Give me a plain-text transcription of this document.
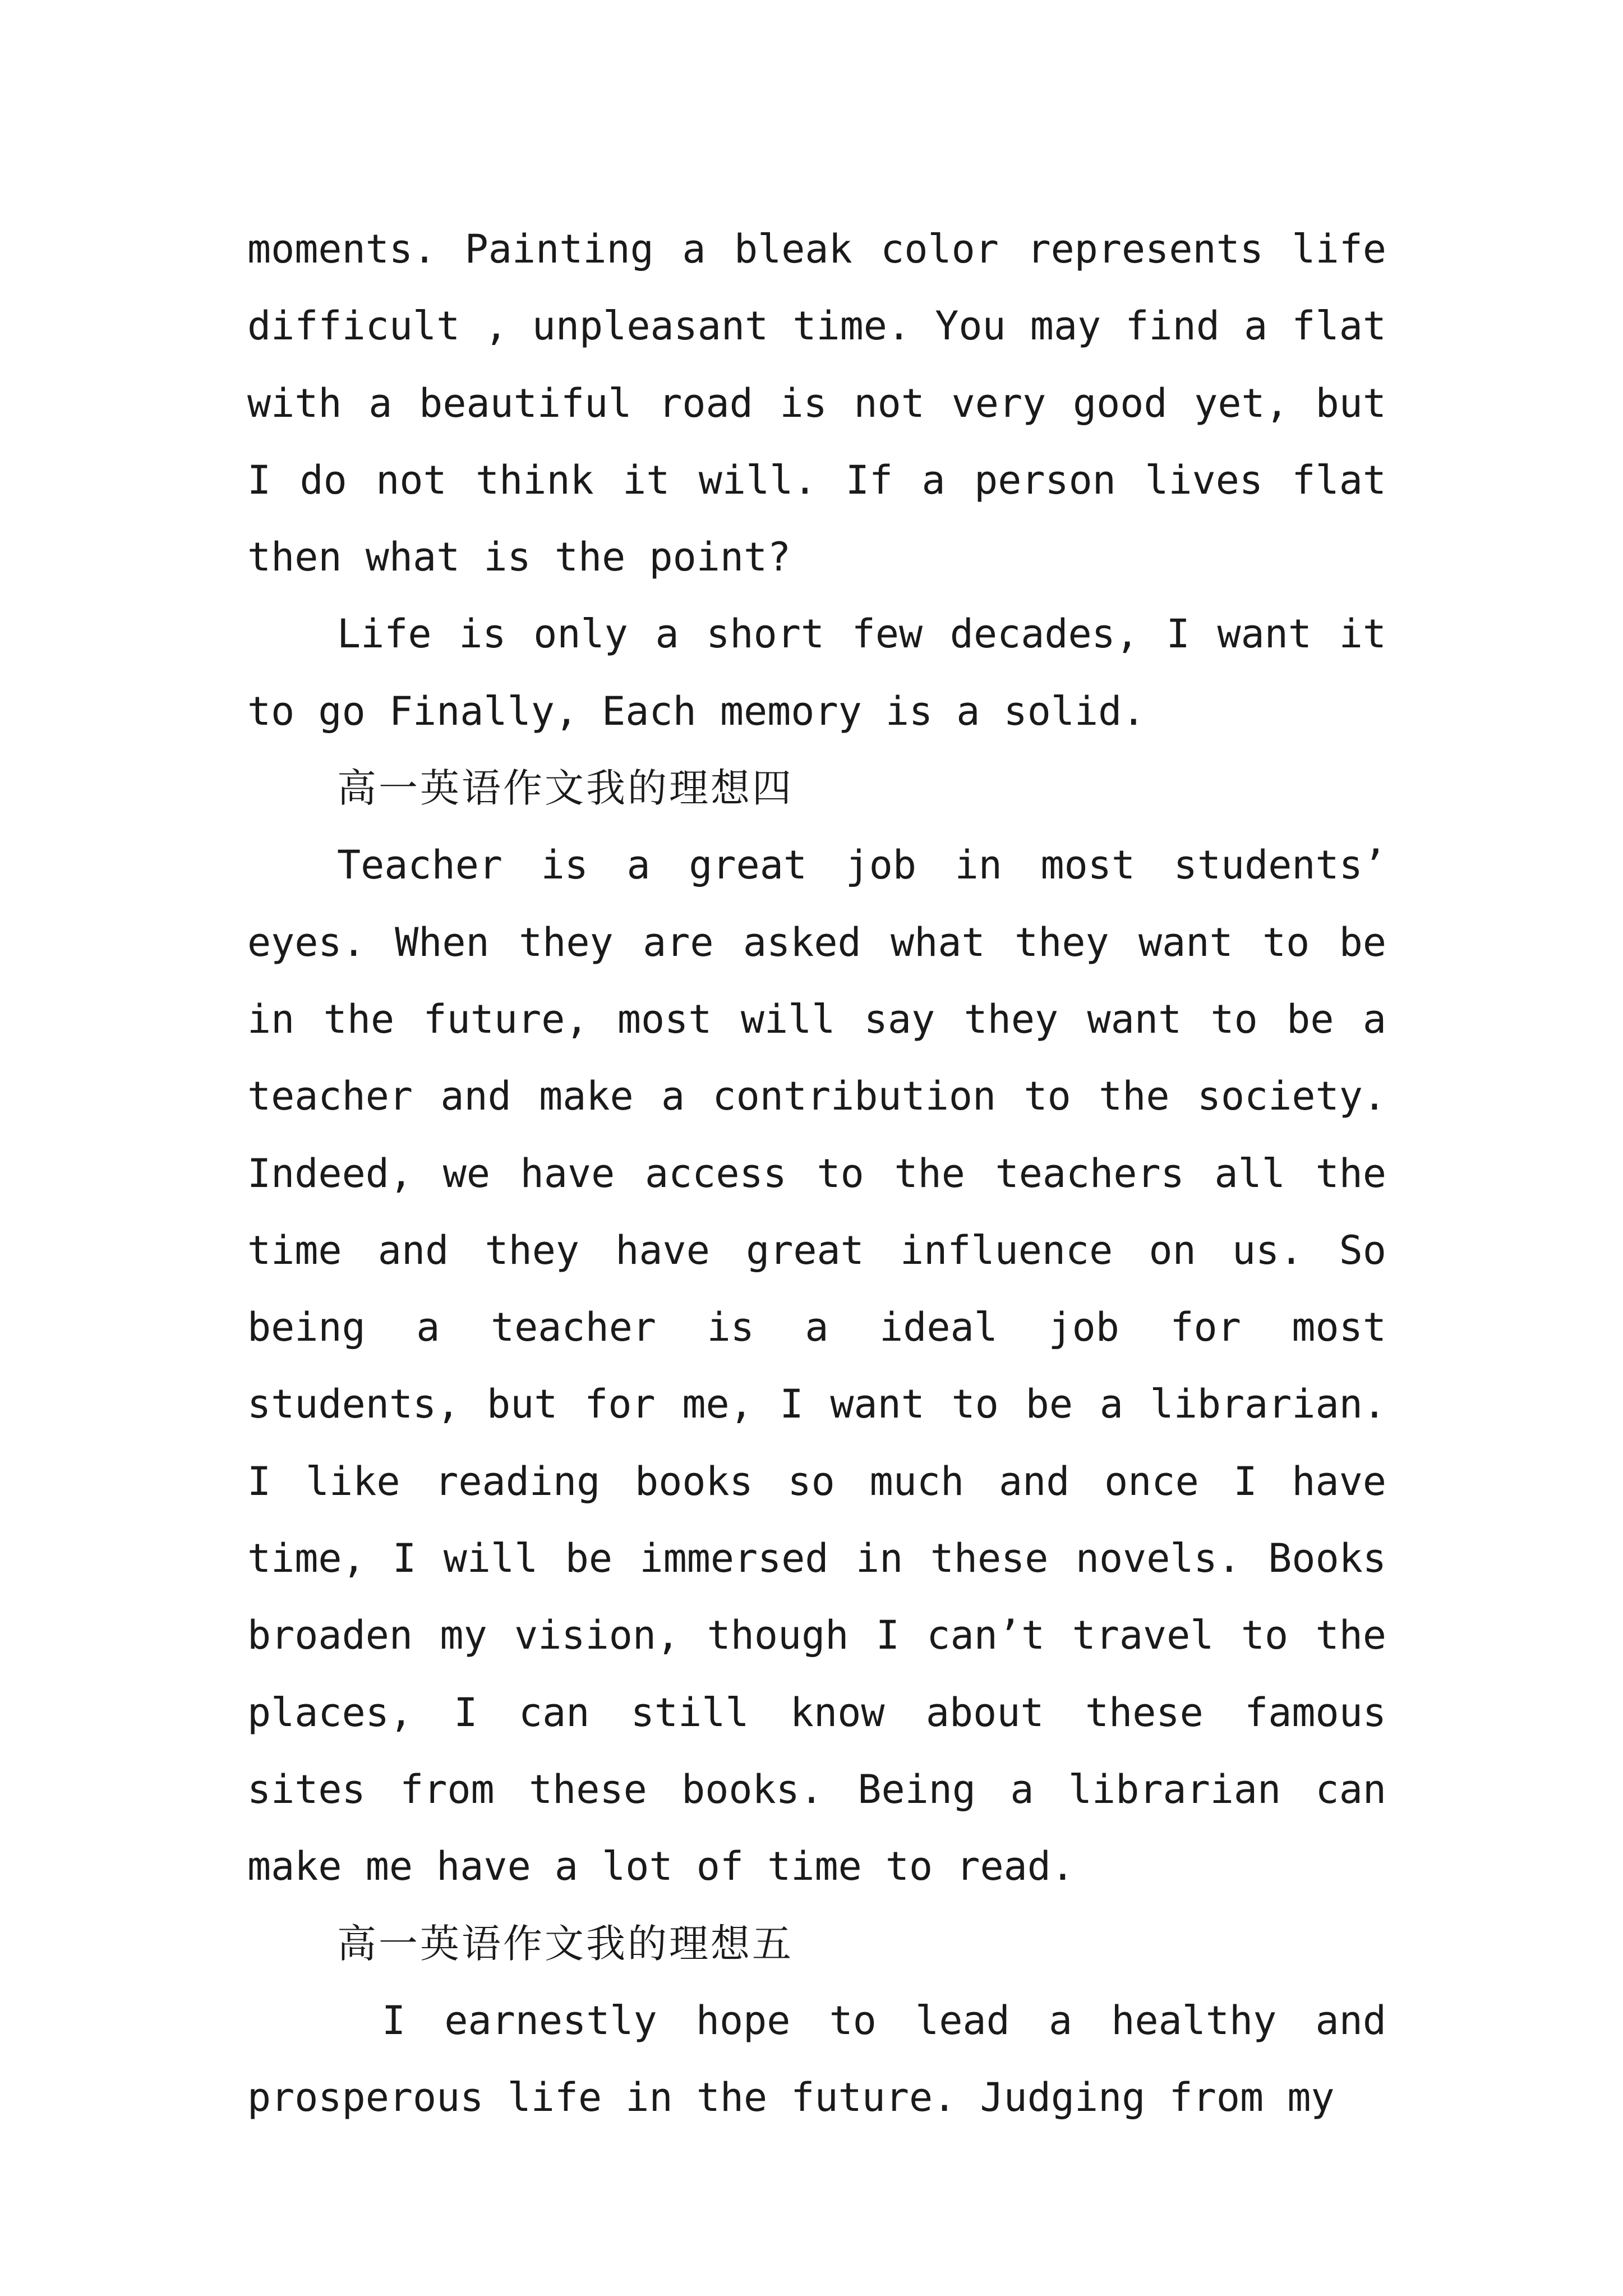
moments. Painting a bleak color represents life difficult , unpleasant time. You may find a flat with a beautiful road is not very good yet, but I do not think it will. If a person lives flat then what is the point?

Life is only a short few decades, I want it to go Finally, Each memory is a solid.

高一英语作文我的理想四

Teacher is a great job in most students’ eyes. When they are asked what they want to be in the future, most will say they want to be a teacher and make a contribution to the society. Indeed, we have access to the teachers all the time and they have great influence on us. So being a teacher is a ideal job for most students, but for me, I want to be a librarian. I like reading books so much and once I have time, I will be immersed in these novels. Books broaden my vision, though I can’t travel to the places, I can still know about these famous sites from these books. Being a librarian can make me have a lot of time to read.

高一英语作文我的理想五

I earnestly hope to lead a healthy and prosperous life in the future. Judging from my
